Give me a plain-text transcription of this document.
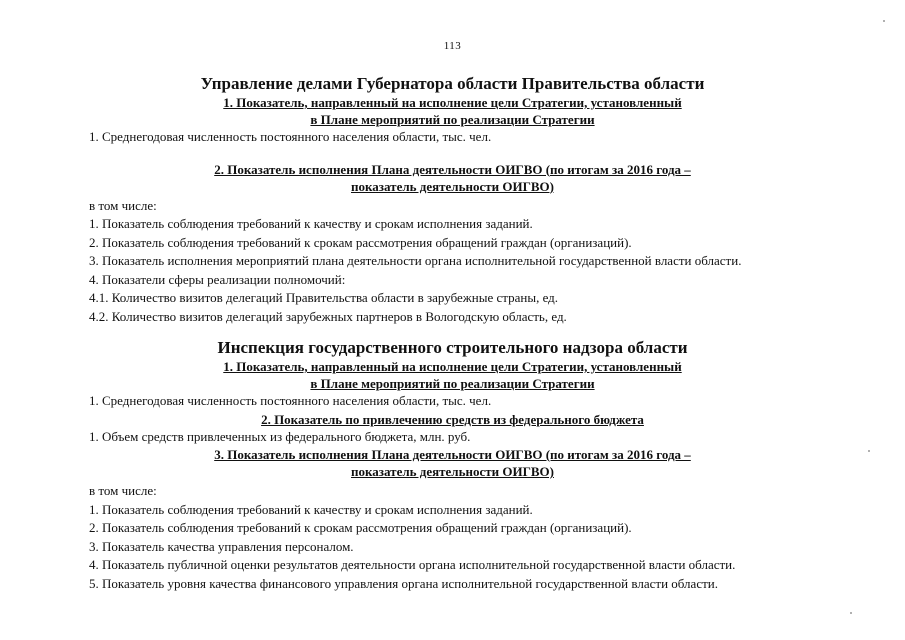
113

Управление делами Губернатора области Правительства области

1. Показатель, направленный на исполнение цели Стратегии, установленный

в Плане мероприятий по реализации Стратегии

1. Среднегодовая численность постоянного населения области, тыс. чел.

2. Показатель исполнения Плана деятельности ОИГВО (по итогам за 2016 года –

показатель деятельности ОИГВО)

в том числе:

1. Показатель соблюдения требований к качеству и срокам исполнения заданий.

2. Показатель соблюдения требований к срокам рассмотрения обращений граждан (организаций).

3. Показатель исполнения мероприятий плана деятельности органа исполнительной государственной власти области.

4. Показатели сферы реализации полномочий:

4.1. Количество визитов делегаций Правительства области в зарубежные страны, ед.

4.2. Количество визитов делегаций зарубежных партнеров в Вологодскую область, ед.

Инспекция государственного строительного надзора области

1. Показатель, направленный на исполнение цели Стратегии, установленный

в Плане мероприятий по реализации Стратегии

1. Среднегодовая численность постоянного населения области, тыс. чел.

2. Показатель по привлечению средств из федерального бюджета

1. Объем средств привлеченных из федерального бюджета, млн. руб.

3. Показатель исполнения Плана деятельности ОИГВО (по итогам за 2016 года –

показатель деятельности ОИГВО)

в том числе:

1. Показатель соблюдения требований к качеству и срокам исполнения заданий.

2. Показатель соблюдения требований к срокам рассмотрения обращений граждан (организаций).

3. Показатель качества управления персоналом.

4. Показатель публичной оценки результатов деятельности органа исполнительной государственной власти области.

5. Показатель уровня качества финансового управления органа исполнительной государственной власти области.
